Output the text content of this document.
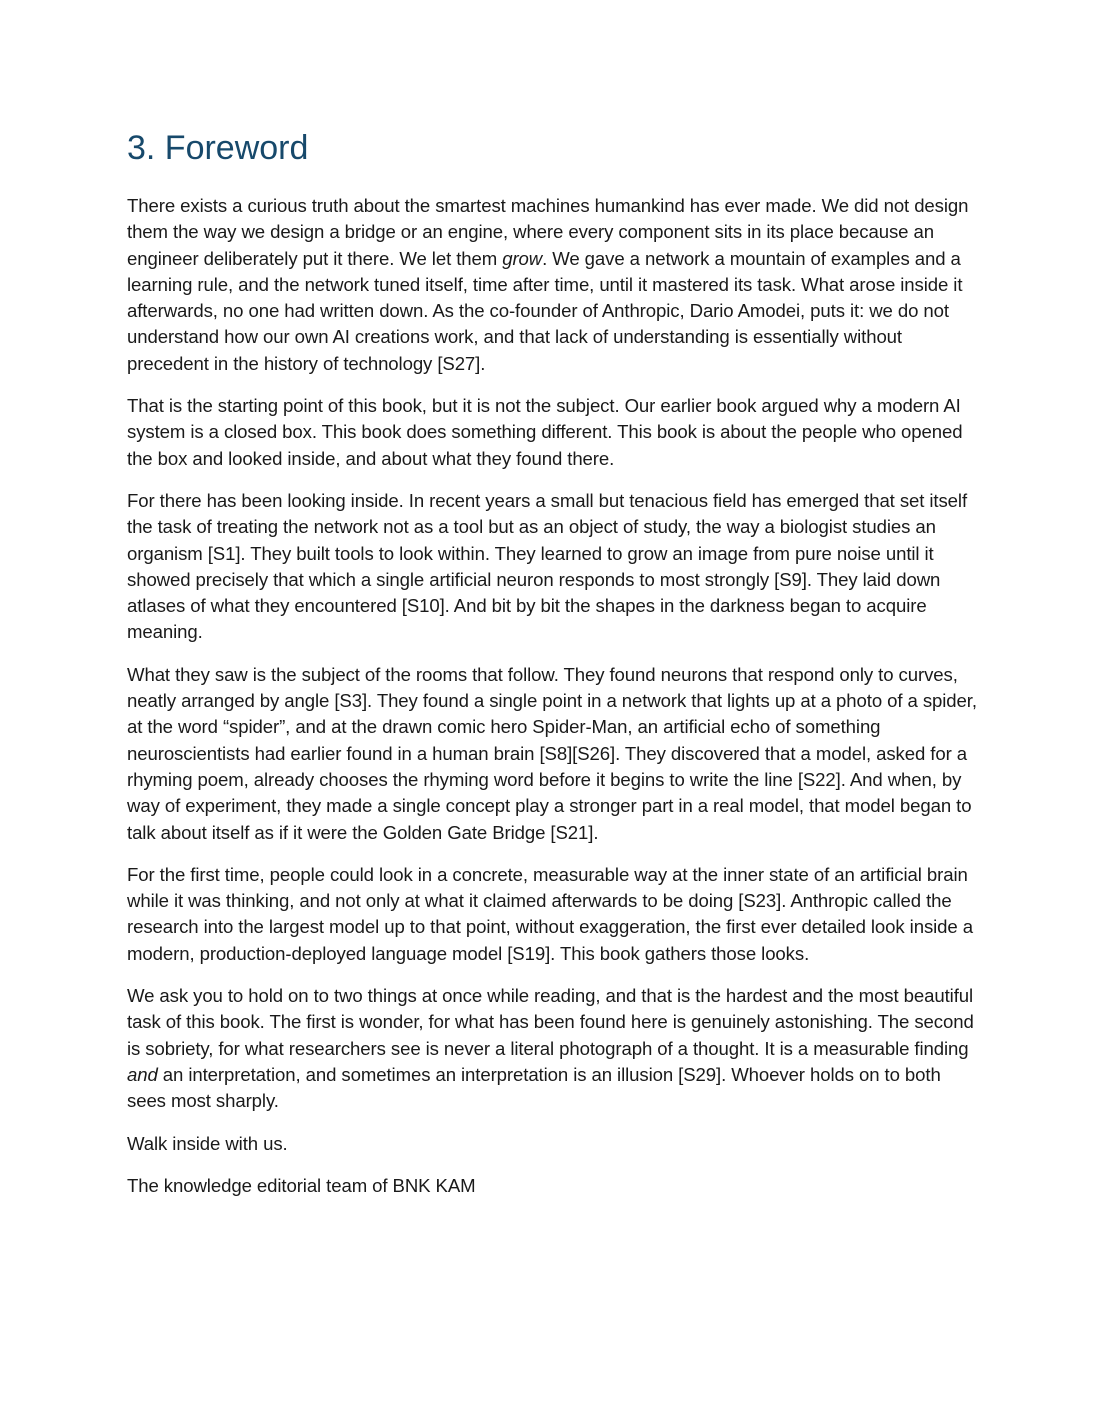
3. Foreword

There exists a curious truth about the smartest machines humankind has ever made. We did not design them the way we design a bridge or an engine, where every component sits in its place because an engineer deliberately put it there. We let them grow. We gave a network a mountain of examples and a learning rule, and the network tuned itself, time after time, until it mastered its task. What arose inside it afterwards, no one had written down. As the co-founder of Anthropic, Dario Amodei, puts it: we do not understand how our own AI creations work, and that lack of understanding is essentially without precedent in the history of technology [S27].

That is the starting point of this book, but it is not the subject. Our earlier book argued why a modern AI system is a closed box. This book does something different. This book is about the people who opened the box and looked inside, and about what they found there.

For there has been looking inside. In recent years a small but tenacious field has emerged that set itself the task of treating the network not as a tool but as an object of study, the way a biologist studies an organism [S1]. They built tools to look within. They learned to grow an image from pure noise until it showed precisely that which a single artificial neuron responds to most strongly [S9]. They laid down atlases of what they encountered [S10]. And bit by bit the shapes in the darkness began to acquire meaning.

What they saw is the subject of the rooms that follow. They found neurons that respond only to curves, neatly arranged by angle [S3]. They found a single point in a network that lights up at a photo of a spider, at the word “spider”, and at the drawn comic hero Spider-Man, an artificial echo of something neuroscientists had earlier found in a human brain [S8][S26]. They discovered that a model, asked for a rhyming poem, already chooses the rhyming word before it begins to write the line [S22]. And when, by way of experiment, they made a single concept play a stronger part in a real model, that model began to talk about itself as if it were the Golden Gate Bridge [S21].

For the first time, people could look in a concrete, measurable way at the inner state of an artificial brain while it was thinking, and not only at what it claimed afterwards to be doing [S23]. Anthropic called the research into the largest model up to that point, without exaggeration, the first ever detailed look inside a modern, production-deployed language model [S19]. This book gathers those looks.

We ask you to hold on to two things at once while reading, and that is the hardest and the most beautiful task of this book. The first is wonder, for what has been found here is genuinely astonishing. The second is sobriety, for what researchers see is never a literal photograph of a thought. It is a measurable finding and an interpretation, and sometimes an interpretation is an illusion [S29]. Whoever holds on to both sees most sharply.

Walk inside with us.

The knowledge editorial team of BNK KAM
